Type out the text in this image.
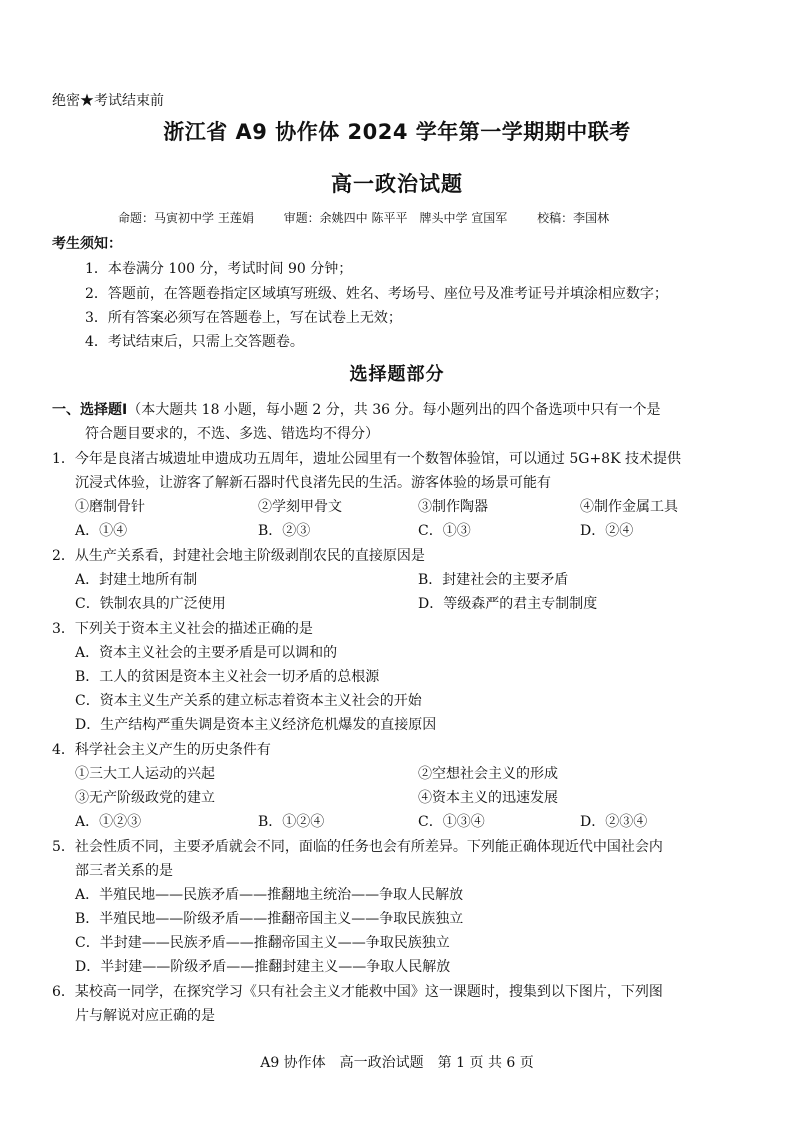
绝密★考试结束前
浙江省 A9 协作体 2024 学年第一学期期中联考
高一政治试题
命题：马寅初中学 王莲娟 审题：余姚四中 陈平平　牌头中学 宣国军 校稿：李国林
考生须知：
1．本卷满分 100 分，考试时间 90 分钟；
2．答题前，在答题卷指定区域填写班级、姓名、考场号、座位号及准考证号并填涂相应数字；
3．所有答案必须写在答题卷上，写在试卷上无效；
4．考试结束后，只需上交答题卷。
选择题部分
一、选择题Ⅰ（本大题共 18 小题，每小题 2 分，共 36 分。每小题列出的四个备选项中只有一个是
符合题目要求的，不选、多选、错选均不得分）
1．今年是良渚古城遗址申遗成功五周年，遗址公园里有一个数智体验馆，可以通过 5G+8K 技术提供
沉浸式体验，让游客了解新石器时代良渚先民的生活。游客体验的场景可能有
①磨制骨针	②学刻甲骨文	③制作陶器	④制作金属工具
A．①④	B．②③	C．①③	D．②④
2．从生产关系看，封建社会地主阶级剥削农民的直接原因是
A．封建土地所有制	B．封建社会的主要矛盾
C．铁制农具的广泛使用	D．等级森严的君主专制制度
3．下列关于资本主义社会的描述正确的是
A．资本主义社会的主要矛盾是可以调和的
B．工人的贫困是资本主义社会一切矛盾的总根源
C．资本主义生产关系的建立标志着资本主义社会的开始
D．生产结构严重失调是资本主义经济危机爆发的直接原因
4．科学社会主义产生的历史条件有
①三大工人运动的兴起	②空想社会主义的形成
③无产阶级政党的建立	④资本主义的迅速发展
A．①②③	B．①②④	C．①③④	D．②③④
5．社会性质不同，主要矛盾就会不同，面临的任务也会有所差异。下列能正确体现近代中国社会内
部三者关系的是
A．半殖民地——民族矛盾——推翻地主统治——争取人民解放
B．半殖民地——阶级矛盾——推翻帝国主义——争取民族独立
C．半封建——民族矛盾——推翻帝国主义——争取民族独立
D．半封建——阶级矛盾——推翻封建主义——争取人民解放
6．某校高一同学，在探究学习《只有社会主义才能救中国》这一课题时，搜集到以下图片，下列图
片与解说对应正确的是
A9 协作体　高一政治试题　第 1 页 共 6 页
